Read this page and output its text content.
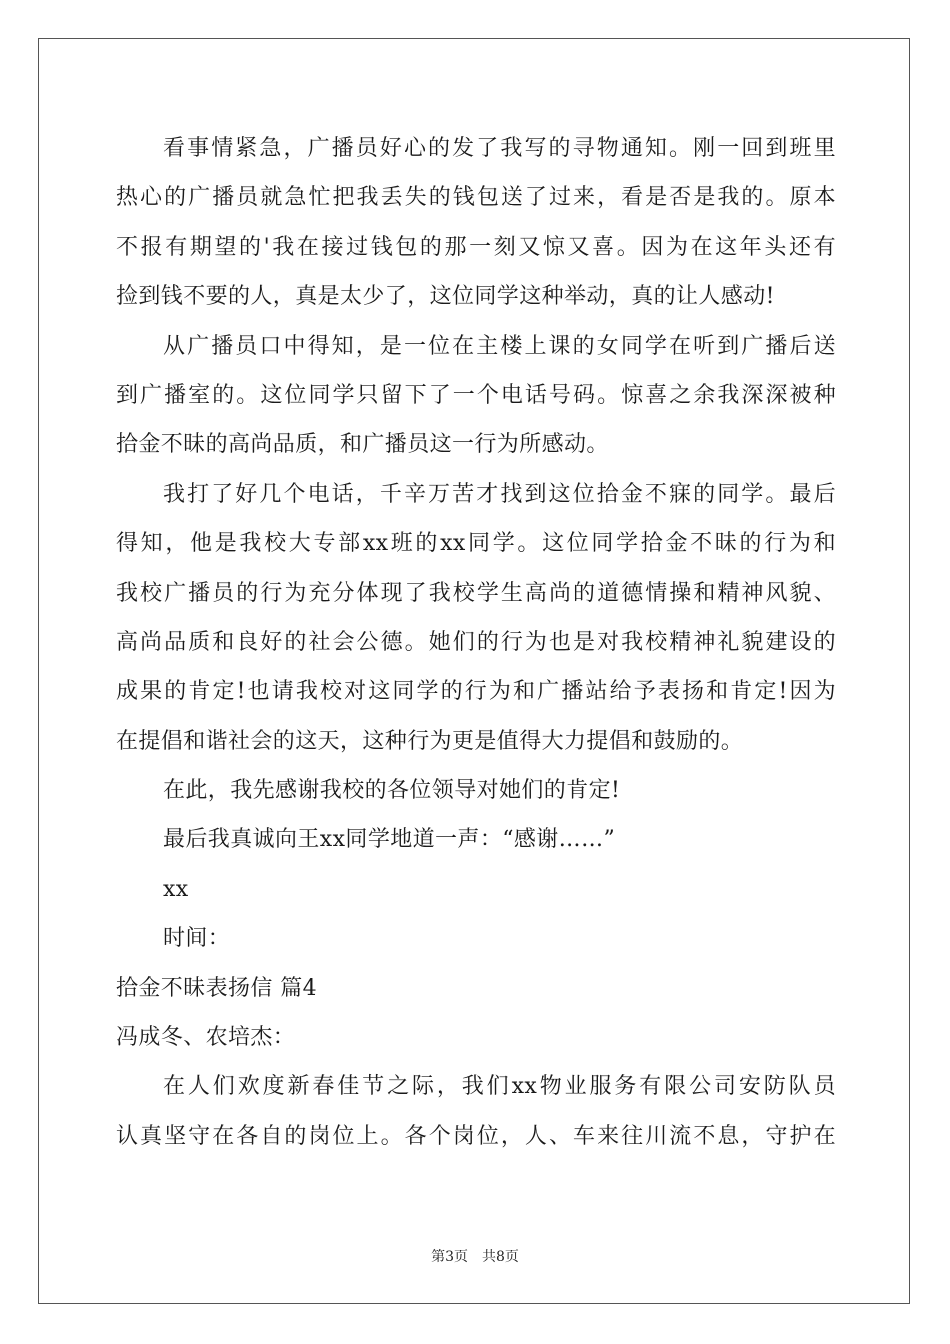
看事情紧急，广播员好心的发了我写的寻物通知。刚一回到班里
热心的广播员就急忙把我丢失的钱包送了过来，看是否是我的。原本
不报有期望的'我在接过钱包的那一刻又惊又喜。因为在这年头还有
捡到钱不要的人，真是太少了，这位同学这种举动，真的让人感动!
从广播员口中得知，是一位在主楼上课的女同学在听到广播后送
到广播室的。这位同学只留下了一个电话号码。惊喜之余我深深被种
拾金不昧的高尚品质，和广播员这一行为所感动。
我打了好几个电话，千辛万苦才找到这位拾金不寐的同学。最后
得知，他是我校大专部xx班的xx同学。这位同学拾金不昧的行为和
我校广播员的行为充分体现了我校学生高尚的道德情操和精神风貌、
高尚品质和良好的社会公德。她们的行为也是对我校精神礼貌建设的
成果的肯定!也请我校对这同学的行为和广播站给予表扬和肯定!因为
在提倡和谐社会的这天，这种行为更是值得大力提倡和鼓励的。
在此，我先感谢我校的各位领导对她们的肯定!
最后我真诚向王xx同学地道一声：“感谢……”
xx
时间：
拾金不昧表扬信 篇4
冯成冬、农培杰：
在人们欢度新春佳节之际，我们xx物业服务有限公司安防队员
认真坚守在各自的岗位上。各个岗位，人、车来往川流不息，守护在
第3页 共8页
